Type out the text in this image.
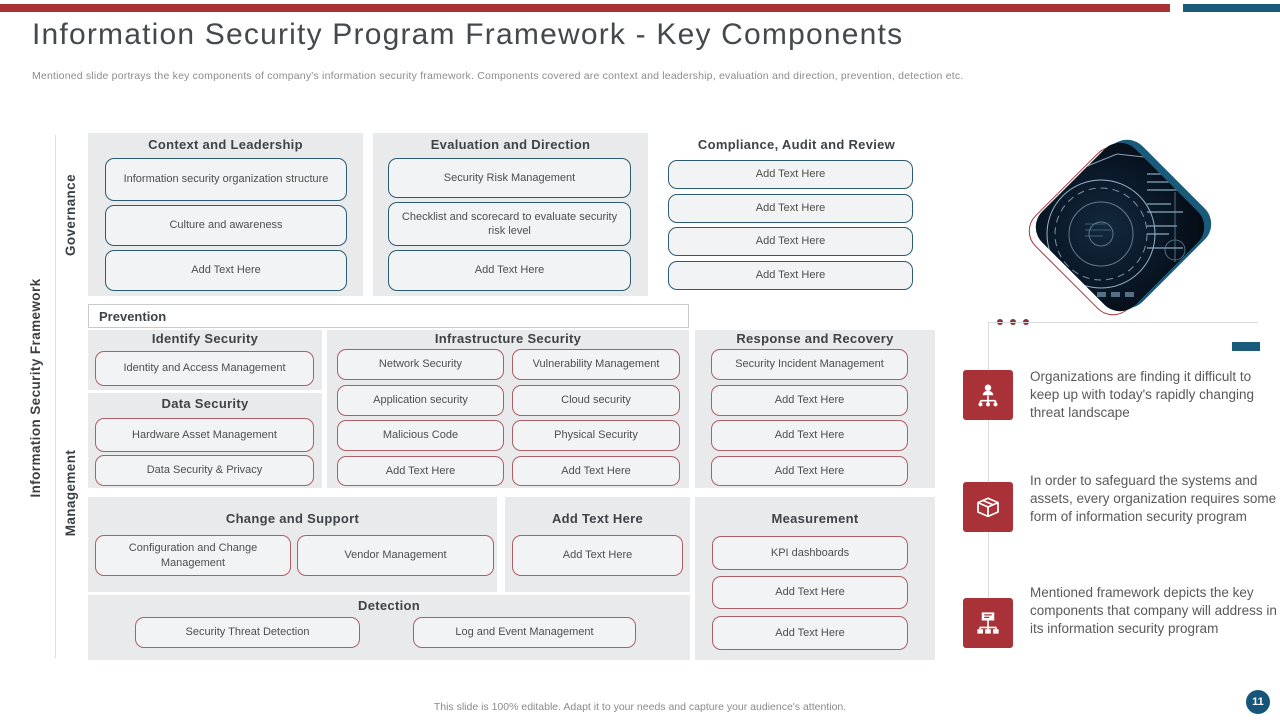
Information Security Program Framework - Key Components

Mentioned slide portrays the key components of company's information security framework. Components covered are context and leadership, evaluation and direction, prevention, detection etc.

Information Security Framework
Governance
Management
Context and Leadership
Information security organization structure
Culture and awareness
Add Text Here
Evaluation and Direction
Security Risk Management
Checklist and scorecard to evaluate security risk level
Add Text Here
Compliance, Audit and Review
Add Text Here
Add Text Here
Add Text Here
Add Text Here
Prevention
Identify Security
Identity and Access Management
Data Security
Hardware Asset Management
Data Security & Privacy
Infrastructure Security
Network Security	Vulnerability Management
Application security	Cloud security
Malicious Code	Physical Security
Add Text Here	Add Text Here
Response and Recovery
Security Incident Management
Add Text Here
Add Text Here
Add Text Here
Change and Support
Configuration and Change Management
Vendor Management
Add Text Here
Add Text Here
Measurement
KPI dashboards
Add Text Here
Add Text Here
Detection
Security Threat Detection	Log and Event Management
Organizations are finding it difficult to keep up with today's rapidly changing threat landscape
In order to safeguard the systems and assets, every organization requires some form of information security program
Mentioned framework depicts the key components that company will address in its information security program
This slide is 100% editable. Adapt it to your needs and capture your audience's attention.	11
